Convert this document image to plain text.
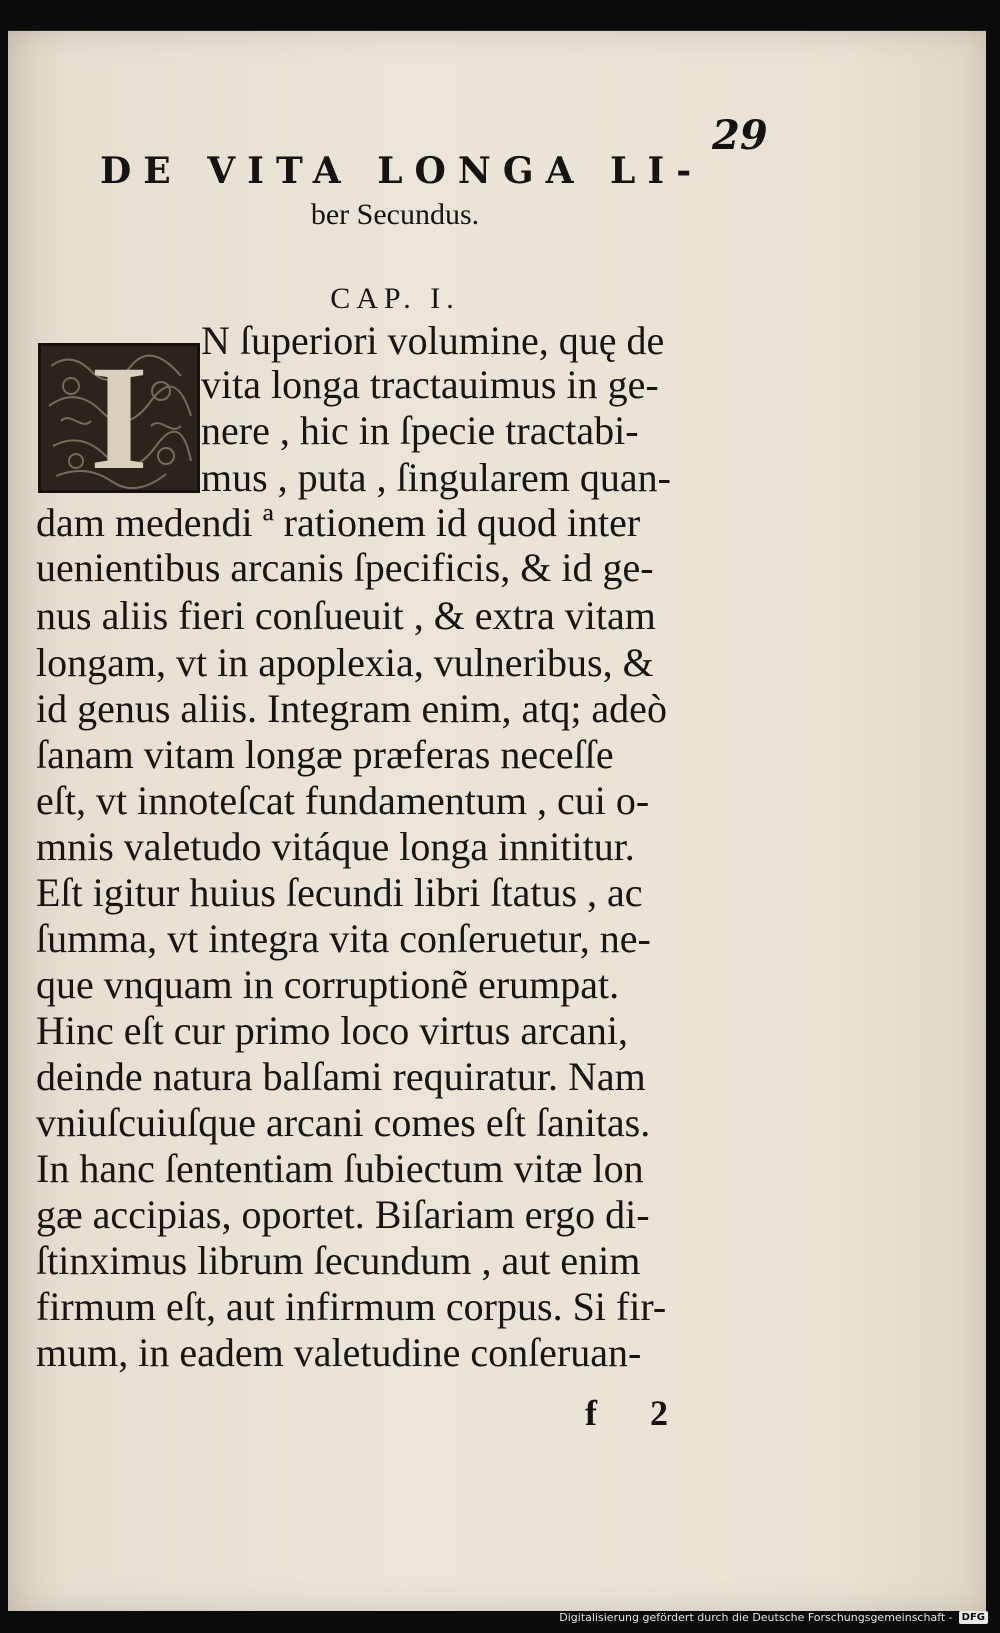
29
DE VITA LONGA LI-
ber Secundus.
CAP. I.
I	N ſuperiori volumine, quę de
vita longa tractauimus in ge-
nere , hic in ſpecie tractabi-
mus , puta , ſingularem quan-
dam medendi ª rationem id quod inter
uenientibus arcanis ſpecificis, & id ge-
nus aliis fieri conſueuit , & extra vitam
longam, vt in apoplexia, vulneribus, &
id genus aliis. Integram enim, atq; adeò
ſanam vitam longæ præferas neceſſe
eſt, vt innoteſcat fundamentum , cui o-
mnis valetudo vitáque longa innititur.
Eſt igitur huius ſecundi libri ſtatus , ac
ſumma, vt integra vita conſeruetur, ne-
que vnquam in corruptionẽ erumpat.
Hinc eſt cur primo loco virtus arcani,
deinde natura balſami requiratur. Nam
vniuſcuiuſque arcani comes eſt ſanitas.
In hanc ſententiam ſubiectum vitæ lon
gæ accipias, oportet. Biſariam ergo di-
ſtinximus librum ſecundum , aut enim
firmum eſt, aut infirmum corpus. Si fir-
mum, in eadem valetudine conſeruan-
f 2
Digitalisierung gefördert durch die Deutsche Forschungsgemeinschaft - DFG
